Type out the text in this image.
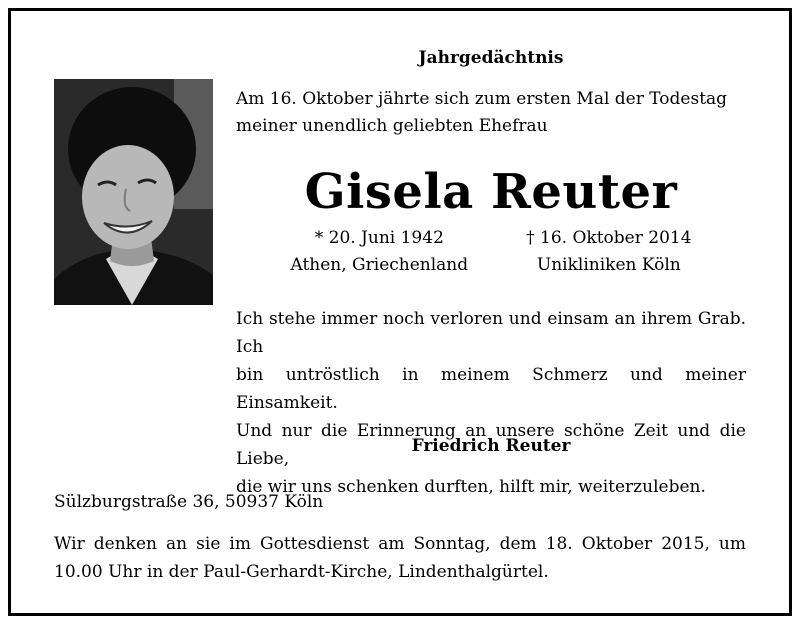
Jahrgedächtnis
Am 16. Oktober jährte sich zum ersten Mal der Todestag
meiner unendlich geliebten Ehefrau
Gisela Reuter
* 20. Juni 1942
Athen, Griechenland
† 16. Oktober 2014
Unikliniken Köln
Ich stehe immer noch verloren und einsam an ihrem Grab. Ich
bin untröstlich in meinem Schmerz und meiner Einsamkeit.
Und nur die Erinnerung an unsere schöne Zeit und die Liebe,
die wir uns schenken durften, hilft mir, weiterzuleben.
Friedrich Reuter
Sülzburgstraße 36, 50937 Köln
Wir denken an sie im Gottesdienst am Sonntag, dem 18. Oktober 2015, um
10.00 Uhr in der Paul-Gerhardt-Kirche, Lindenthalgürtel.
